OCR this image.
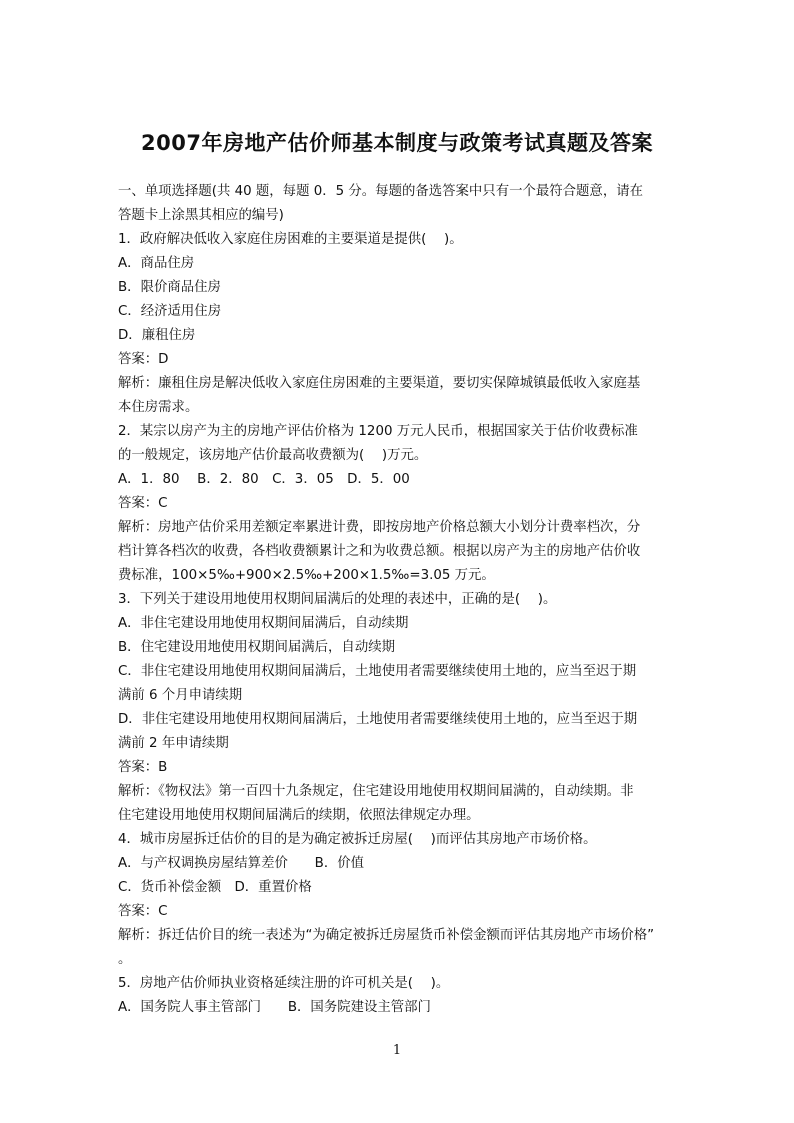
2007年房地产估价师基本制度与政策考试真题及答案
一、单项选择题(共 40 题，每题 0．5 分。每题的备选答案中只有一个最符合题意，请在
答题卡上涂黑其相应的编号)
1．政府解决低收入家庭住房困难的主要渠道是提供(　 )。
A．商品住房
B．限价商品住房
C．经济适用住房
D．廉租住房
答案：D
解析：廉租住房是解决低收入家庭住房困难的主要渠道，要切实保障城镇最低收入家庭基
本住房需求。
2．某宗以房产为主的房地产评估价格为 1200 万元人民币，根据国家关于估价收费标准
的一般规定，该房地产估价最高收费额为(　 )万元。
A．1．80　 B．2．80　C．3．05　D．5．00
答案：C
解析：房地产估价采用差额定率累进计费，即按房地产价格总额大小划分计费率档次，分
档计算各档次的收费，各档收费额累计之和为收费总额。根据以房产为主的房地产估价收
费标准，100×5‰+900×2.5‰+200×1.5‰=3.05 万元。
3．下列关于建设用地使用权期间届满后的处理的表述中，正确的是(　 )。
A．非住宅建设用地使用权期间届满后，自动续期
B．住宅建设用地使用权期间届满后，自动续期
C．非住宅建设用地使用权期间届满后，土地使用者需要继续使用土地的，应当至迟于期
满前 6 个月申请续期
D．非住宅建设用地使用权期间届满后，土地使用者需要继续使用土地的，应当至迟于期
满前 2 年申请续期
答案：B
解析：《物权法》第一百四十九条规定，住宅建设用地使用权期间届满的，自动续期。非
住宅建设用地使用权期间届满后的续期，依照法律规定办理。
4．城市房屋拆迁估价的目的是为确定被拆迁房屋(　 )而评估其房地产市场价格。
A．与产权调换房屋结算差价　　B．价值
C．货币补偿金额　D．重置价格
答案：C
解析：拆迁估价目的统一表述为“为确定被拆迁房屋货币补偿金额而评估其房地产市场价格”
。
5．房地产估价师执业资格延续注册的许可机关是(　 )。
A．国务院人事主管部门　　B．国务院建设主管部门
1
